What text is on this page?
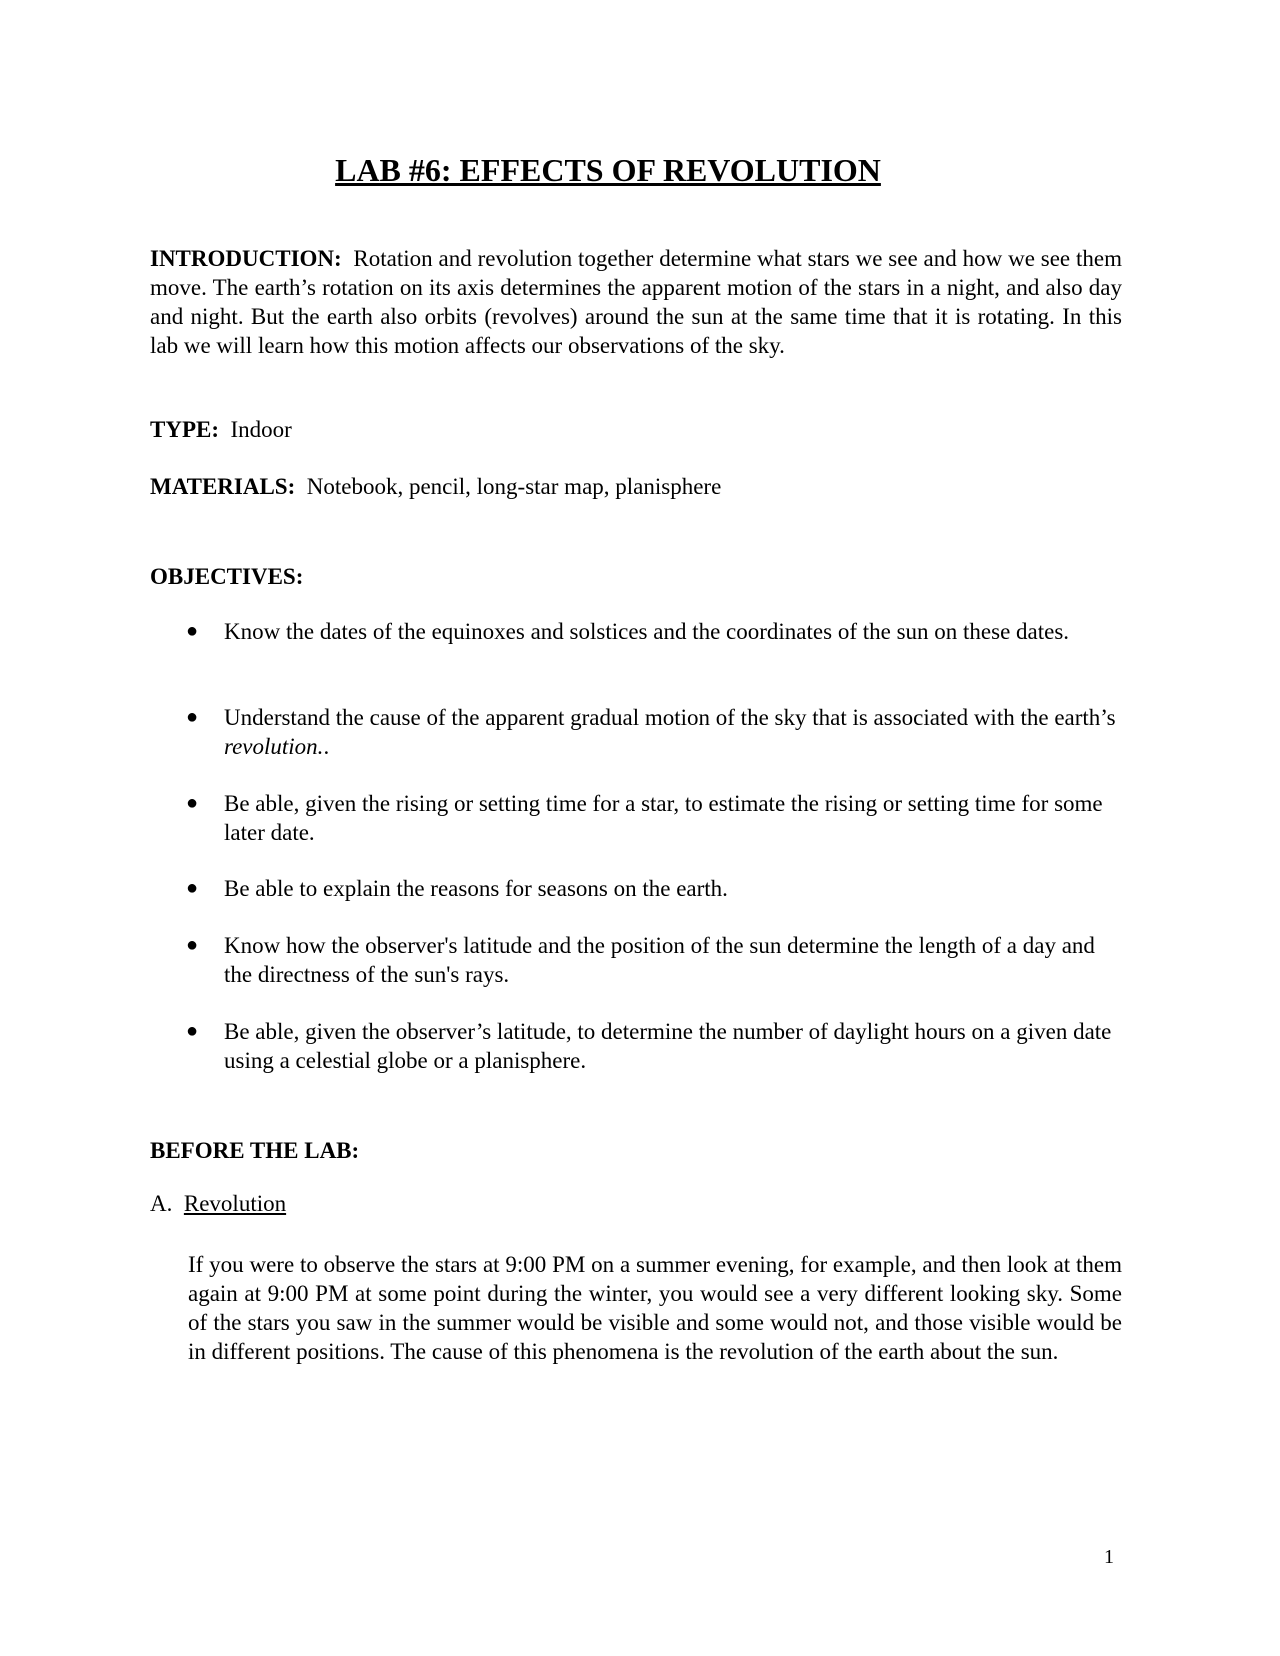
LAB #6: EFFECTS OF REVOLUTION
INTRODUCTION: Rotation and revolution together determine what stars we see and how we see them move. The earth’s rotation on its axis determines the apparent motion of the stars in a night, and also day and night. But the earth also orbits (revolves) around the sun at the same time that it is rotating. In this lab we will learn how this motion affects our observations of the sky.
TYPE: Indoor
MATERIALS: Notebook, pencil, long-star map, planisphere
OBJECTIVES:
● Know the dates of the equinoxes and solstices and the coordinates of the sun on these dates.
● Understand the cause of the apparent gradual motion of the sky that is associated with the earth’s revolution..
● Be able, given the rising or setting time for a star, to estimate the rising or setting time for some later date.
● Be able to explain the reasons for seasons on the earth.
● Know how the observer's latitude and the position of the sun determine the length of a day and the directness of the sun's rays.
● Be able, given the observer’s latitude, to determine the number of daylight hours on a given date using a celestial globe or a planisphere.
BEFORE THE LAB:
A. Revolution
If you were to observe the stars at 9:00 PM on a summer evening, for example, and then look at them again at 9:00 PM at some point during the winter, you would see a very different looking sky. Some of the stars you saw in the summer would be visible and some would not, and those visible would be in different positions. The cause of this phenomena is the revolution of the earth about the sun.
1
